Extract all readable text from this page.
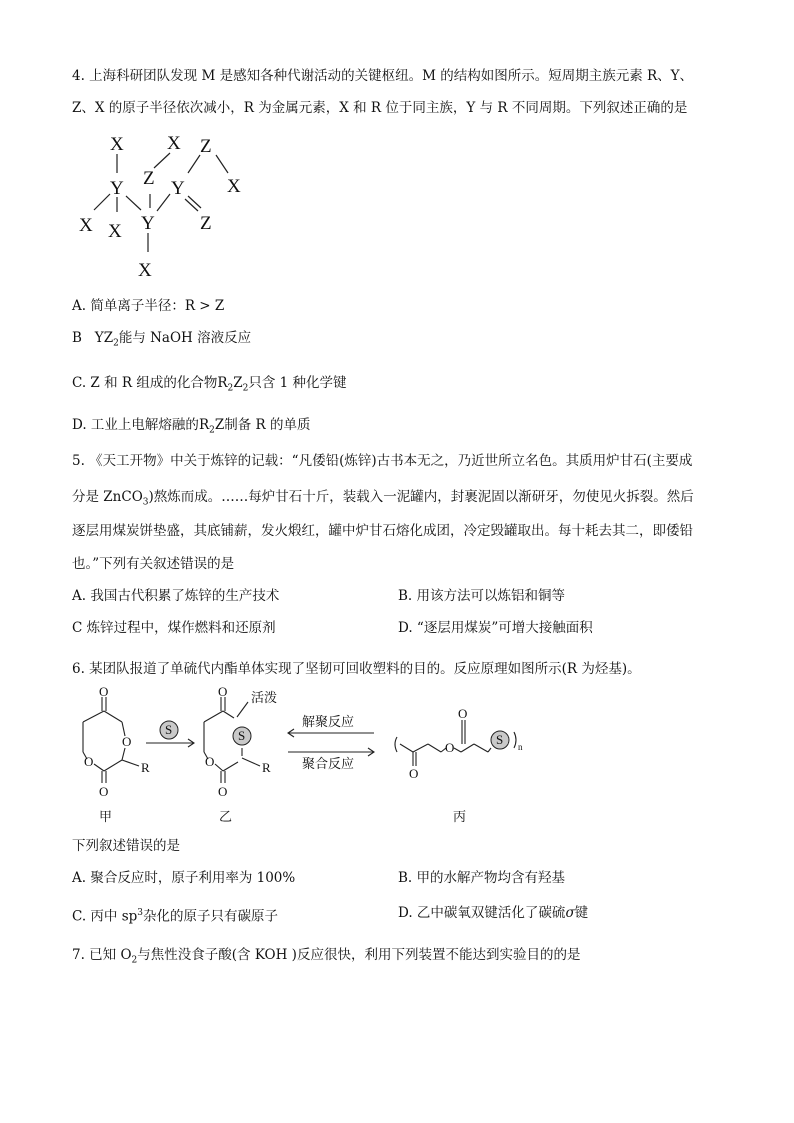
4. 上海科研团队发现 M 是感知各种代谢活动的关键枢纽。M 的结构如图所示。短周期主族元素 R、Y、
Z、X 的原子半径依次减小，R 为金属元素，X 和 R 位于同主族，Y 与 R 不同周期。下列叙述正确的是
X X Z
Y Z Y X
X X Y Z
X
A. 简单离子半径：R > Z
B $YZ_2$能与 NaOH 溶液反应
C. Z 和 R 组成的化合物$R_2Z_2$只含 1 种化学键
D. 工业上电解熔融的$R_2Z$制备 R 的单质
5. 《天工开物》中关于炼锌的记载：“凡倭铅(炼锌)古书本无之，乃近世所立名色。其质用炉甘石(主要成
分是 ZnCO$_3$)熬炼而成。……每炉甘石十斤，装载入一泥罐内，封裹泥固以渐研牙，勿使见火拆裂。然后
逐层用煤炭饼垫盛，其底铺薪，发火煅红，罐中炉甘石熔化成团，冷定毁罐取出。每十耗去其二，即倭铅
也。”下列有关叙述错误的是
A. 我国古代积累了炼锌的生产技术	B. 用该方法可以炼铝和铜等
C 炼锌过程中，煤作燃料和还原剂	D. “逐层用煤炭”可增大接触面积
6. 某团队报道了单硫代内酯单体实现了坚韧可回收塑料的目的。反应原理如图所示(R 为烃基)。
O
O
O
O
R
S
O
S
O
O
R
活泼
解聚反应
聚合反应
O
O
O
S n
甲	乙	丙
下列叙述错误的是
A. 聚合反应时，原子利用率为 100%	B. 甲的水解产物均含有羟基
C. 丙中 $sp^3$杂化的原子只有碳原子	D. 乙中碳氧双键活化了碳硫σ键
7. 已知 $O_2$与焦性没食子酸(含 KOH )反应很快，利用下列装置不能达到实验目的的是
